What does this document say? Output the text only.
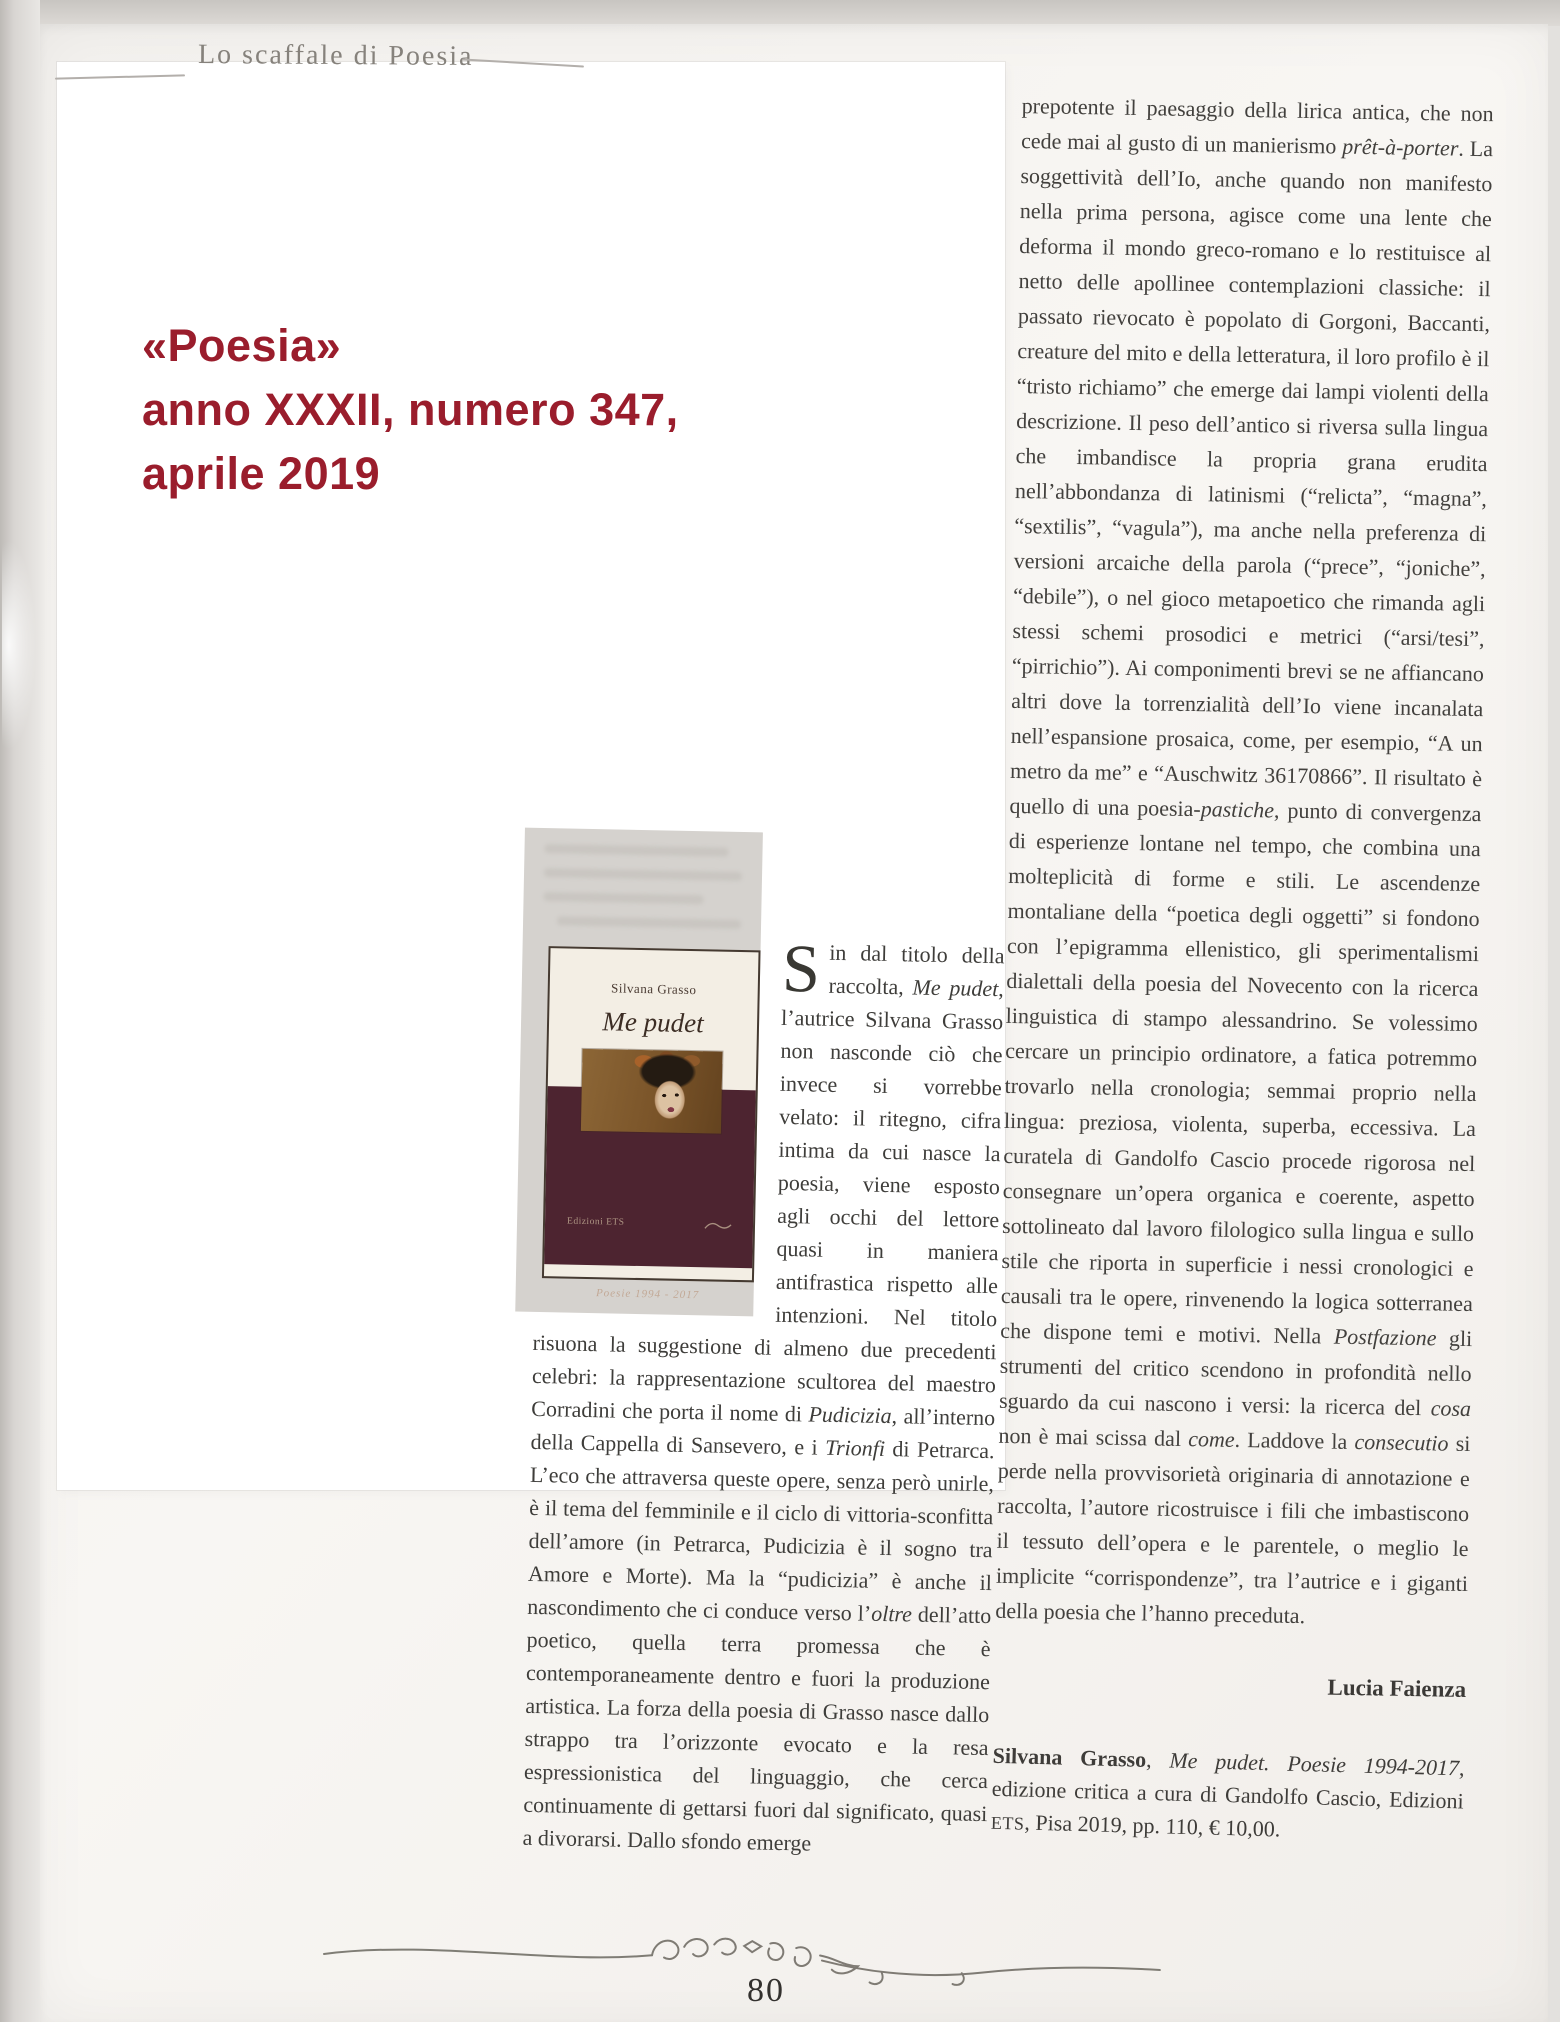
Lo scaffale di Poesia
«Poesia»
anno XXXII, numero 347,
aprile 2019
Silvana Grasso
Me pudet
Poesie 1994 - 2017
Edizioni ETS

Sin dal titolo della raccolta, Me pudet, l’autrice Silvana Grasso non nasconde ciò che invece si vorrebbe velato: il ritegno, cifra intima da cui nasce la poesia, viene esposto agli occhi del lettore quasi in maniera antifrastica rispetto alle intenzioni. Nel titolo risuona la suggestione di almeno due precedenti celebri: la rappresentazione scultorea del maestro Corradini che porta il nome di Pudicizia, all’interno della Cappella di Sansevero, e i Trionfi di Petrarca. L’eco che attraversa queste opere, senza però unirle, è il tema del femminile e il ciclo di vittoria-sconfitta dell’amore (in Petrarca, Pudicizia è il sogno tra Amore e Morte). Ma la “pudicizia” è anche il nascondimento che ci conduce verso l’oltre dell’atto poetico, quella terra promessa che è contemporaneamente dentro e fuori la produzione artistica. La forza della poesia di Grasso nasce dallo strappo tra l’orizzonte evocato e la resa espressionistica del linguaggio, che cerca continuamente di gettarsi fuori dal significato, quasi a divorarsi. Dallo sfondo emerge

prepotente il paesaggio della lirica antica, che non cede mai al gusto di un manierismo prêt-à-porter. La soggettività dell’Io, anche quando non manifesto nella prima persona, agisce come una lente che deforma il mondo greco-romano e lo restituisce al netto delle apollinee contemplazioni classiche: il passato rievocato è popolato di Gorgoni, Baccanti, creature del mito e della letteratura, il loro profilo è il “tristo richiamo” che emerge dai lampi violenti della descrizione. Il peso dell’antico si riversa sulla lingua che imbandisce la propria grana erudita nell’abbondanza di latinismi (“relicta”, “magna”, “sextilis”, “vagula”), ma anche nella preferenza di versioni arcaiche della parola (“prece”, “joniche”, “debile”), o nel gioco metapoetico che rimanda agli stessi schemi prosodici e metrici (“arsi/tesi”, “pirrichio”). Ai componimenti brevi se ne affiancano altri dove la torrenzialità dell’Io viene incanalata nell’espansione prosaica, come, per esempio, “A un metro da me” e “Auschwitz 36170866”. Il risultato è quello di una poesia-pastiche, punto di convergenza di esperienze lontane nel tempo, che combina una molteplicità di forme e stili. Le ascendenze montaliane della “poetica degli oggetti” si fondono con l’epigramma ellenistico, gli sperimentalismi dialettali della poesia del Novecento con la ricerca linguistica di stampo alessandrino. Se volessimo cercare un principio ordinatore, a fatica potremmo trovarlo nella cronologia; semmai proprio nella lingua: preziosa, violenta, superba, eccessiva. La curatela di Gandolfo Cascio procede rigorosa nel consegnare un’opera organica e coerente, aspetto sottolineato dal lavoro filologico sulla lingua e sullo stile che riporta in superficie i nessi cronologici e causali tra le opere, rinvenendo la logica sotterranea che dispone temi e motivi. Nella Postfazione gli strumenti del critico scendono in profondità nello sguardo da cui nascono i versi: la ricerca del cosa non è mai scissa dal come. Laddove la consecutio si perde nella provvisorietà originaria di annotazione e raccolta, l’autore ricostruisce i fili che imbastiscono il tessuto dell’opera e le parentele, o meglio le implicite “corrispondenze”, tra l’autrice e i giganti della poesia che l’hanno preceduta.

Lucia Faienza

Silvana Grasso, Me pudet. Poesie 1994-2017, edizione critica a cura di Gandolfo Cascio, Edizioni ETS, Pisa 2019, pp. 110, € 10,00.

80
